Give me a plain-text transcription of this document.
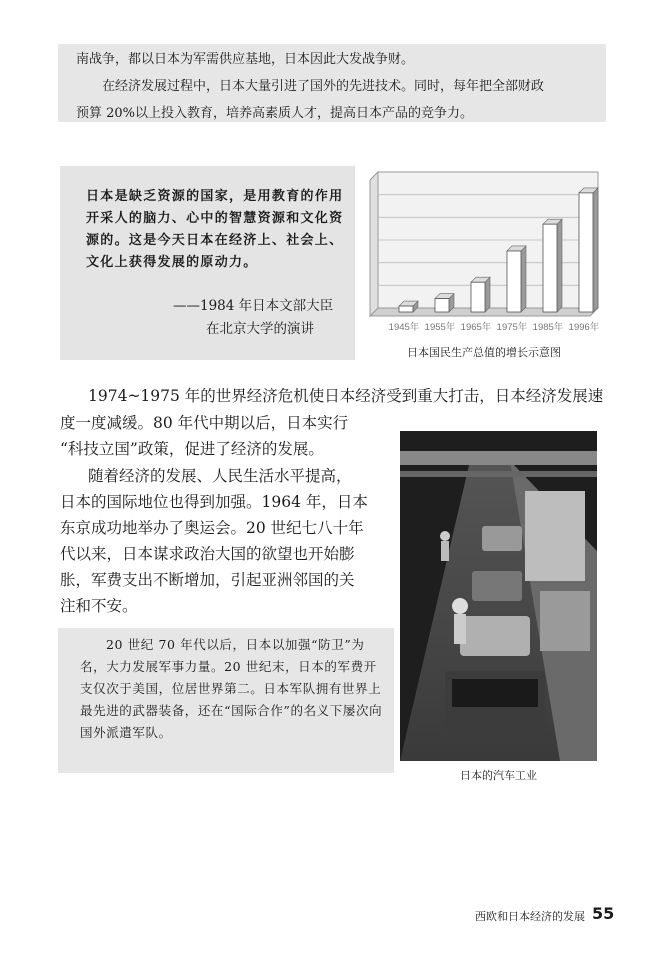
南战争，都以日本为军需供应基地，日本因此大发战争财。

在经济发展过程中，日本大量引进了国外的先进技术。同时，每年把全部财政

预算 20%以上投入教育，培养高素质人才，提高日本产品的竞争力。

日本是缺乏资源的国家，是用教育的作用开采人的脑力、心中的智慧资源和文化资源的。这是今天日本在经济上、社会上、文化上获得发展的原动力。
——1984 年日本文部大臣
在北京大学的演讲	1945年 1955年 1965年 1975年 1985年 1996年
日本国民生产总值的增长示意图
1974~1975 年的世界经济危机使日本经济受到重大打击，日本经济发展速
度一度减缓。80 年代中期以后，日本实行
“科技立国”政策，促进了经济的发展。
随着经济的发展、人民生活水平提高，
日本的国际地位也得到加强。1964 年，日本
东京成功地举办了奥运会。20 世纪七八十年
代以来，日本谋求政治大国的欲望也开始膨
胀，军费支出不断增加，引起亚洲邻国的关
注和不安。
日本的汽车工业
20 世纪 70 年代以后，日本以加强“防卫”为名，大力发展军事力量。20 世纪末，日本的军费开支仅次于美国，位居世界第二。日本军队拥有世界上最先进的武器装备，还在“国际合作”的名义下屡次向国外派遣军队。
西欧和日本经济的发展 55
